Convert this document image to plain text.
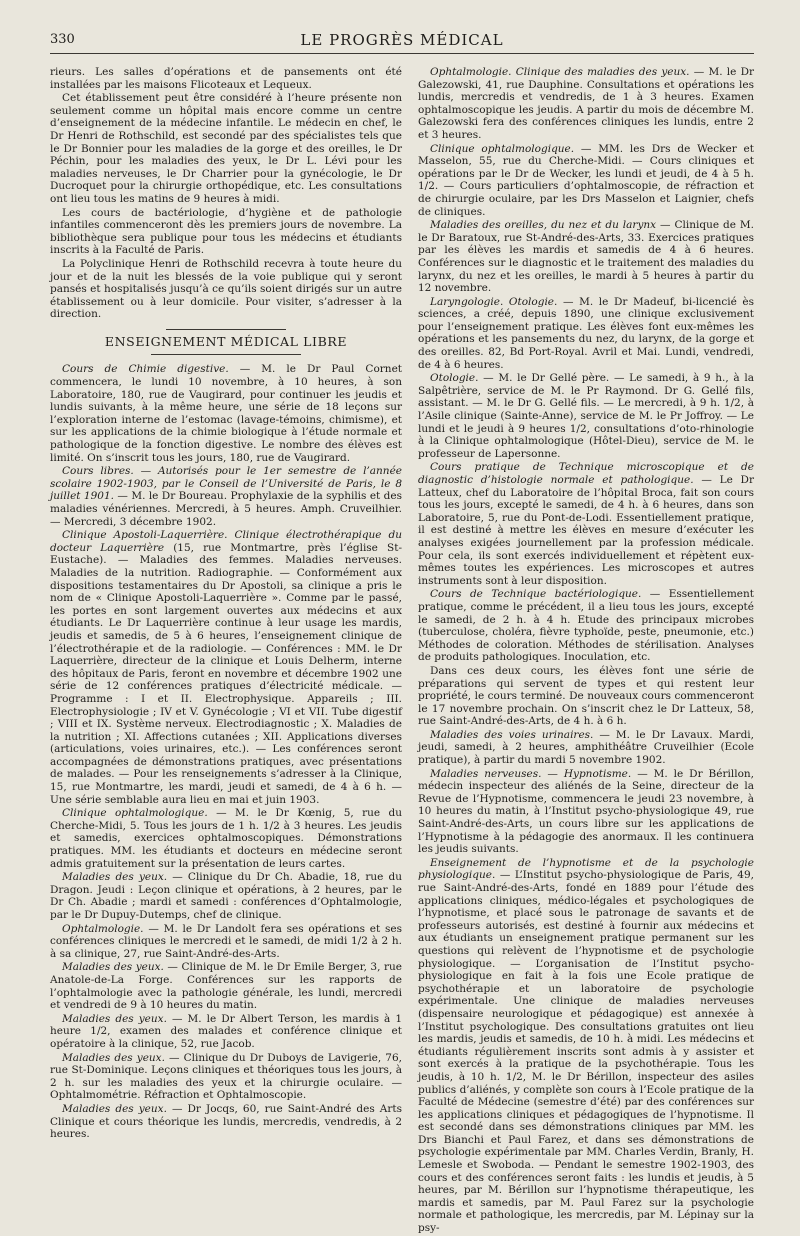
330	LE PROGRÈS MÉDICAL

rieurs. Les salles d’opérations et de pansements ont été installées par les maisons Flicoteaux et Lequeux.

Cet établissement peut être considéré à l’heure présente non seulement comme un hôpital mais encore comme un centre d’enseignement de la médecine infantile. Le médecin en chef, le Dr Henri de Rothschild, est secondé par des spécialistes tels que le Dr Bonnier pour les maladies de la gorge et des oreilles, le Dr Péchin, pour les maladies des yeux, le Dr L. Lévi pour les maladies nerveuses, le Dr Charrier pour la gynécologie, le Dr Ducroquet pour la chirurgie orthopédique, etc. Les consultations ont lieu tous les matins de 9 heures à midi.

Les cours de bactériologie, d’hygiène et de pathologie infantiles commenceront dès les premiers jours de novembre. La bibliothèque sera publique pour tous les médecins et étudiants inscrits à la Faculté de Paris.

La Polyclinique Henri de Rothschild recevra à toute heure du jour et de la nuit les blessés de la voie publique qui y seront pansés et hospitalisés jusqu’à ce qu’ils soient dirigés sur un autre établissement ou à leur domicile. Pour visiter, s’adresser à la direction.

ENSEIGNEMENT MÉDICAL LIBRE

Cours de Chimie digestive. — M. le Dr Paul Cornet commencera, le lundi 10 novembre, à 10 heures, à son Laboratoire, 180, rue de Vaugirard, pour continuer les jeudis et lundis suivants, à la même heure, une série de 18 leçons sur l’exploration interne de l’estomac (lavage-témoins, chimisme), et sur les applications de la chimie biologique à l’étude normale et pathologique de la fonction digestive. Le nombre des élèves est limité. On s’inscrit tous les jours, 180, rue de Vaugirard.

Cours libres. — Autorisés pour le 1er semestre de l’année scolaire 1902-1903, par le Conseil de l’Université de Paris, le 8 juillet 1901. — M. le Dr Boureau. Prophylaxie de la syphilis et des maladies vénériennes. Mercredi, à 5 heures. Amph. Cruveilhier. — Mercredi, 3 décembre 1902.

Clinique Apostoli-Laquerrière. Clinique électrothérapique du docteur Laquerrière (15, rue Montmartre, près l’église St-Eustache). — Maladies des femmes. Maladies nerveuses. Maladies de la nutrition. Radiographie. — Conformément aux dispositions testamentaires du Dr Apostoli, sa clinique a pris le nom de « Clinique Apostoli-Laquerrière ». Comme par le passé, les portes en sont largement ouvertes aux médecins et aux étudiants. Le Dr Laquerrière continue à leur usage les mardis, jeudis et samedis, de 5 à 6 heures, l’enseignement clinique de l’électrothérapie et de la radiologie. — Conférences : MM. le Dr Laquerrière, directeur de la clinique et Louis Delherm, interne des hôpitaux de Paris, feront en novembre et décembre 1902 une série de 12 conférences pratiques d’électricité médicale. — Programme : I et II. Electrophysique. Appareils ; III. Electrophysiologie ; IV et V. Gynécologie ; VI et VII. Tube digestif ; VIII et IX. Système nerveux. Electrodiagnostic ; X. Maladies de la nutrition ; XI. Affections cutanées ; XII. Applications diverses (articulations, voies urinaires, etc.). — Les conférences seront accompagnées de démonstrations pratiques, avec présentations de malades. — Pour les renseignements s’adresser à la Clinique, 15, rue Montmartre, les mardi, jeudi et samedi, de 4 à 6 h. — Une série semblable aura lieu en mai et juin 1903.

Clinique ophtalmologique. — M. le Dr Kœnig, 5, rue du Cherche-Midi, 5. Tous les jours de 1 h. 1/2 à 3 heures. Les jeudis et samedis, exercices ophtalmoscopiques. Démonstrations pratiques. MM. les étudiants et docteurs en médecine seront admis gratuitement sur la présentation de leurs cartes.

Maladies des yeux. — Clinique du Dr Ch. Abadie, 18, rue du Dragon. Jeudi : Leçon clinique et opérations, à 2 heures, par le Dr Ch. Abadie ; mardi et samedi : conférences d’Ophtalmologie, par le Dr Dupuy-Dutemps, chef de clinique.

Ophtalmologie. — M. le Dr Landolt fera ses opérations et ses conférences cliniques le mercredi et le samedi, de midi 1/2 à 2 h. à sa clinique, 27, rue Saint-André-des-Arts.

Maladies des yeux. — Clinique de M. le Dr Emile Berger, 3, rue Anatole-de-La Forge. Conférences sur les rapports de l’ophtalmologie avec la pathologie générale, les lundi, mercredi et vendredi de 9 à 10 heures du matin.

Maladies des yeux. — M. le Dr Albert Terson, les mardis à 1 heure 1/2, examen des malades et conférence clinique et opératoire à la clinique, 52, rue Jacob.

Maladies des yeux. — Clinique du Dr Duboys de Lavigerie, 76, rue St-Dominique. Leçons cliniques et théoriques tous les jours, à 2 h. sur les maladies des yeux et la chirurgie oculaire. — Ophtalmométrie. Réfraction et Ophtalmoscopie.

Maladies des yeux. — Dr Jocqs, 60, rue Saint-André des Arts Clinique et cours théorique les lundis, mercredis, vendredis, à 2 heures.

Ophtalmologie. Clinique des maladies des yeux. — M. le Dr Galezowski, 41, rue Dauphine. Consultations et opérations les lundis, mercredis et vendredis, de 1 à 3 heures. Examen ophtalmoscopique les jeudis. A partir du mois de décembre M. Galezowski fera des conférences cliniques les lundis, entre 2 et 3 heures.

Clinique ophtalmologique. — MM. les Drs de Wecker et Masselon, 55, rue du Cherche-Midi. — Cours cliniques et opérations par le Dr de Wecker, les lundi et jeudi, de 4 à 5 h. 1/2. — Cours particuliers d’ophtalmoscopie, de réfraction et de chirurgie oculaire, par les Drs Masselon et Laignier, chefs de cliniques.

Maladies des oreilles, du nez et du larynx — Clinique de M. le Dr Baratoux, rue St-André-des-Arts, 33. Exercices pratiques par les élèves les mardis et samedis de 4 à 6 heures. Conférences sur le diagnostic et le traitement des maladies du larynx, du nez et les oreilles, le mardi à 5 heures à partir du 12 novembre.

Laryngologie. Otologie. — M. le Dr Madeuf, bi-licencié ès sciences, a créé, depuis 1890, une clinique exclusivement pour l’enseignement pratique. Les élèves font eux-mêmes les opérations et les pansements du nez, du larynx, de la gorge et des oreilles. 82, Bd Port-Royal. Avril et Mai. Lundi, vendredi, de 4 à 6 heures.

Otologie. — M. le Dr Gellé père. — Le samedi, à 9 h., à la Salpêtrière, service de M. le Pr Raymond. Dr G. Gellé fils, assistant. — M. le Dr G. Gellé fils. — Le mercredi, à 9 h. 1/2, à l’Asile clinique (Sainte-Anne), service de M. le Pr Joffroy. — Le lundi et le jeudi à 9 heures 1/2, consultations d’oto-rhinologie à la Clinique ophtalmologique (Hôtel-Dieu), service de M. le professeur de Lapersonne.

Cours pratique de Technique microscopique et de diagnostic d’histologie normale et pathologique. — Le Dr Latteux, chef du Laboratoire de l’hôpital Broca, fait son cours tous les jours, excepté le samedi, de 4 h. à 6 heures, dans son Laboratoire, 5, rue du Pont-de-Lodi. Essentiellement pratique, il est destiné à mettre les élèves en mesure d’exécuter les analyses exigées journellement par la profession médicale. Pour cela, ils sont exercés individuellement et répètent eux-mêmes toutes les expériences. Les microscopes et autres instruments sont à leur disposition.

Cours de Technique bactériologique. — Essentiellement pratique, comme le précédent, il a lieu tous les jours, excepté le samedi, de 2 h. à 4 h. Etude des principaux microbes (tuberculose, choléra, fièvre typhoïde, peste, pneumonie, etc.) Méthodes de coloration. Méthodes de stérilisation. Analyses de produits pathologiques. Inoculation, etc.

Dans ces deux cours, les élèves font une série de préparations qui servent de types et qui restent leur propriété, le cours terminé. De nouveaux cours commenceront le 17 novembre prochain. On s’inscrit chez le Dr Latteux, 58, rue Saint-André-des-Arts, de 4 h. à 6 h.

Maladies des voies urinaires. — M. le Dr Lavaux. Mardi, jeudi, samedi, à 2 heures, amphithéâtre Cruveilhier (Ecole pratique), à partir du mardi 5 novembre 1902.

Maladies nerveuses. — Hypnotisme. — M. le Dr Bérillon, médecin inspecteur des aliénés de la Seine, directeur de la Revue de l’Hypnotisme, commencera le jeudi 23 novembre, à 10 heures du matin, à l’Institut psycho-physiologique 49, rue Saint-André-des-Arts, un cours libre sur les applications de l’Hypnotisme à la pédagogie des anormaux. Il les continuera les jeudis suivants.

Enseignement de l’hypnotisme et de la psychologie physiologique. — L’Institut psycho-physiologique de Paris, 49, rue Saint-André-des-Arts, fondé en 1889 pour l’étude des applications cliniques, médico-légales et psychologiques de l’hypnotisme, et placé sous le patronage de savants et de professeurs autorisés, est destiné à fournir aux médecins et aux étudiants un enseignement pratique permanent sur les questions qui relèvent de l’hypnotisme et de psychologie physiologique. — L’organisation de l’Institut psycho-physiologique en fait à la fois une Ecole pratique de psychothérapie et un laboratoire de psychologie expérimentale. Une clinique de maladies nerveuses (dispensaire neurologique et pédagogique) est annexée à l’Institut psychologique. Des consultations gratuites ont lieu les mardis, jeudis et samedis, de 10 h. à midi. Les médecins et étudiants régulièrement inscrits sont admis à y assister et sont exercés à la pratique de la psychothérapie. Tous les jeudis, à 10 h. 1/2, M. le Dr Bérillon, inspecteur des asiles publics d’aliénés, y complète son cours à l’Ecole pratique de la Faculté de Médecine (semestre d’été) par des conférences sur les applications cliniques et pédagogiques de l’hypnotisme. Il est secondé dans ses démonstrations cliniques par MM. les Drs Bianchi et Paul Farez, et dans ses démonstrations de psychologie expérimentale par MM. Charles Verdin, Branly, H. Lemesle et Swoboda. — Pendant le semestre 1902-1903, des cours et des conférences seront faits : les lundis et jeudis, à 5 heures, par M. Bérillon sur l’hypnotisme thérapeutique, les mardis et samedis, par M. Paul Farez sur la psychologie normale et pathologique, les mercredis, par M. Lépinay sur la psy-
